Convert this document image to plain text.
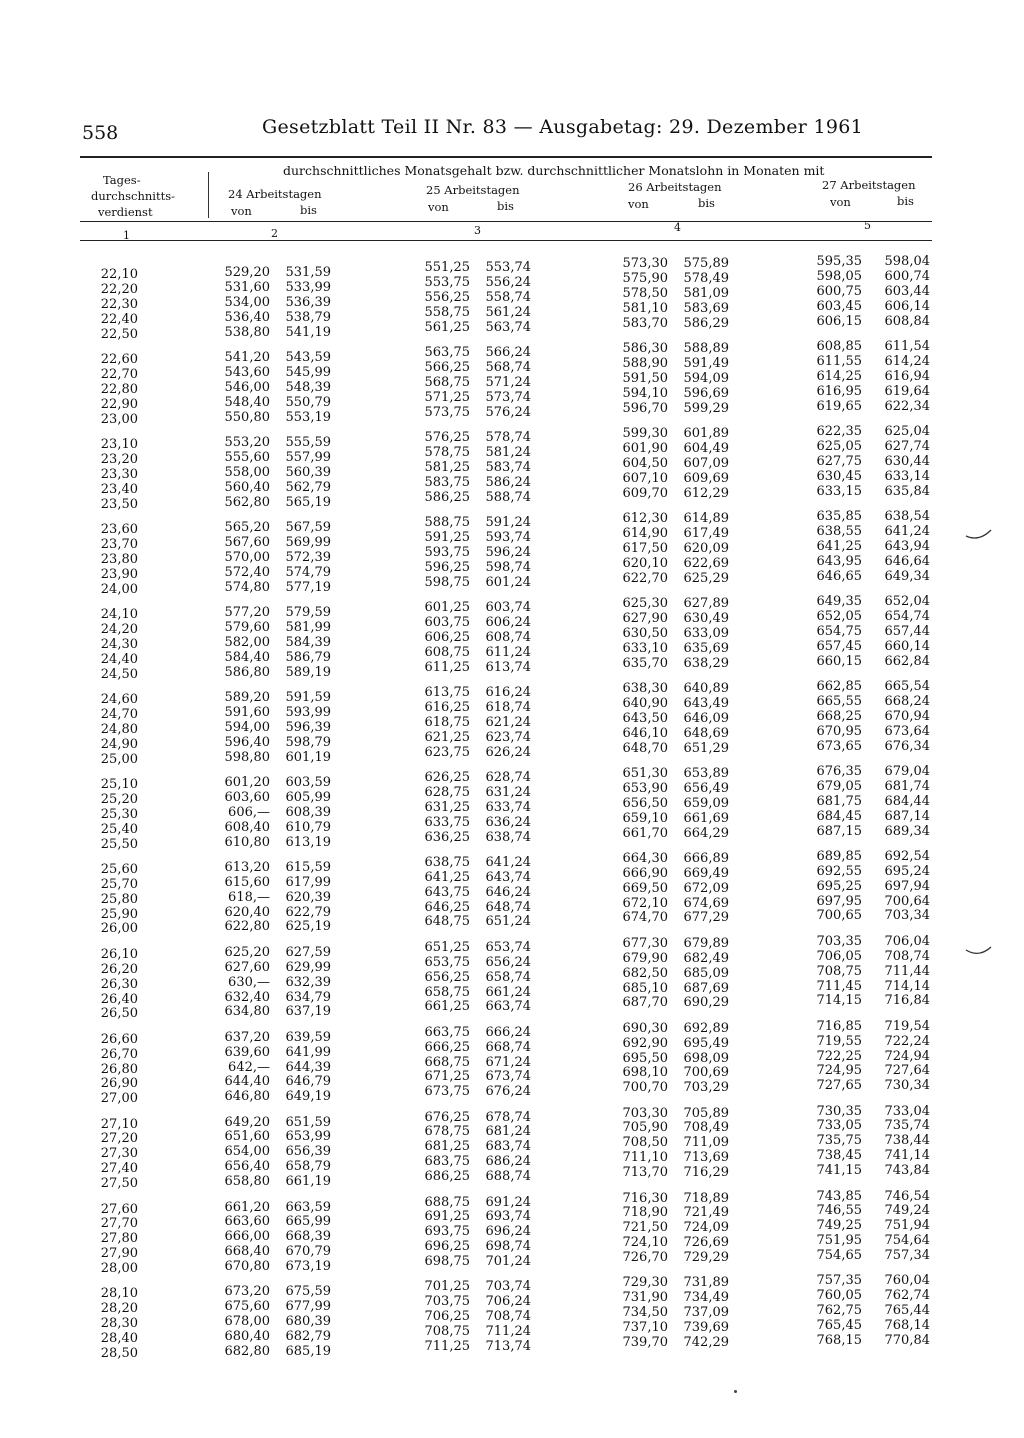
558	Gesetzblatt Teil II Nr. 83 — Ausgabetag: 29. Dezember 1961
Tages-
durchschnitts-
verdienst
durchschnittliches Monatsgehalt bzw. durchschnittlicher Monatslohn in Monaten mit
24 Arbeitstagen
von	bis
25 Arbeitstagen
von	bis
26 Arbeitstagen
von	bis
27 Arbeitstagen
von	bis
1	2	3	4	5
22,10	529,20	531,59	551,25	553,74	573,30	575,89	595,35	598,04
22,20	531,60	533,99	553,75	556,24	575,90	578,49	598,05	600,74
22,30	534,00	536,39	556,25	558,74	578,50	581,09	600,75	603,44
22,40	536,40	538,79	558,75	561,24	581,10	583,69	603,45	606,14
22,50	538,80	541,19	561,25	563,74	583,70	586,29	606,15	608,84
22,60	541,20	543,59	563,75	566,24	586,30	588,89	608,85	611,54
22,70	543,60	545,99	566,25	568,74	588,90	591,49	611,55	614,24
22,80	546,00	548,39	568,75	571,24	591,50	594,09	614,25	616,94
22,90	548,40	550,79	571,25	573,74	594,10	596,69	616,95	619,64
23,00	550,80	553,19	573,75	576,24	596,70	599,29	619,65	622,34
23,10	553,20	555,59	576,25	578,74	599,30	601,89	622,35	625,04
23,20	555,60	557,99	578,75	581,24	601,90	604,49	625,05	627,74
23,30	558,00	560,39	581,25	583,74	604,50	607,09	627,75	630,44
23,40	560,40	562,79	583,75	586,24	607,10	609,69	630,45	633,14
23,50	562,80	565,19	586,25	588,74	609,70	612,29	633,15	635,84
23,60	565,20	567,59	588,75	591,24	612,30	614,89	635,85	638,54
23,70	567,60	569,99	591,25	593,74	614,90	617,49	638,55	641,24
23,80	570,00	572,39	593,75	596,24	617,50	620,09	641,25	643,94
23,90	572,40	574,79	596,25	598,74	620,10	622,69	643,95	646,64
24,00	574,80	577,19	598,75	601,24	622,70	625,29	646,65	649,34
24,10	577,20	579,59	601,25	603,74	625,30	627,89	649,35	652,04
24,20	579,60	581,99	603,75	606,24	627,90	630,49	652,05	654,74
24,30	582,00	584,39	606,25	608,74	630,50	633,09	654,75	657,44
24,40	584,40	586,79	608,75	611,24	633,10	635,69	657,45	660,14
24,50	586,80	589,19	611,25	613,74	635,70	638,29	660,15	662,84
24,60	589,20	591,59	613,75	616,24	638,30	640,89	662,85	665,54
24,70	591,60	593,99	616,25	618,74	640,90	643,49	665,55	668,24
24,80	594,00	596,39	618,75	621,24	643,50	646,09	668,25	670,94
24,90	596,40	598,79	621,25	623,74	646,10	648,69	670,95	673,64
25,00	598,80	601,19	623,75	626,24	648,70	651,29	673,65	676,34
25,10	601,20	603,59	626,25	628,74	651,30	653,89	676,35	679,04
25,20	603,60	605,99	628,75	631,24	653,90	656,49	679,05	681,74
25,30	606,—	608,39	631,25	633,74	656,50	659,09	681,75	684,44
25,40	608,40	610,79	633,75	636,24	659,10	661,69	684,45	687,14
25,50	610,80	613,19	636,25	638,74	661,70	664,29	687,15	689,34
25,60	613,20	615,59	638,75	641,24	664,30	666,89	689,85	692,54
25,70	615,60	617,99	641,25	643,74	666,90	669,49	692,55	695,24
25,80	618,—	620,39	643,75	646,24	669,50	672,09	695,25	697,94
25,90	620,40	622,79	646,25	648,74	672,10	674,69	697,95	700,64
26,00	622,80	625,19	648,75	651,24	674,70	677,29	700,65	703,34
26,10	625,20	627,59	651,25	653,74	677,30	679,89	703,35	706,04
26,20	627,60	629,99	653,75	656,24	679,90	682,49	706,05	708,74
26,30	630,—	632,39	656,25	658,74	682,50	685,09	708,75	711,44
26,40	632,40	634,79	658,75	661,24	685,10	687,69	711,45	714,14
26,50	634,80	637,19	661,25	663,74	687,70	690,29	714,15	716,84
26,60	637,20	639,59	663,75	666,24	690,30	692,89	716,85	719,54
26,70	639,60	641,99	666,25	668,74	692,90	695,49	719,55	722,24
26,80	642,—	644,39	668,75	671,24	695,50	698,09	722,25	724,94
26,90	644,40	646,79	671,25	673,74	698,10	700,69	724,95	727,64
27,00	646,80	649,19	673,75	676,24	700,70	703,29	727,65	730,34
27,10	649,20	651,59	676,25	678,74	703,30	705,89	730,35	733,04
27,20	651,60	653,99	678,75	681,24	705,90	708,49	733,05	735,74
27,30	654,00	656,39	681,25	683,74	708,50	711,09	735,75	738,44
27,40	656,40	658,79	683,75	686,24	711,10	713,69	738,45	741,14
27,50	658,80	661,19	686,25	688,74	713,70	716,29	741,15	743,84
27,60	661,20	663,59	688,75	691,24	716,30	718,89	743,85	746,54
27,70	663,60	665,99	691,25	693,74	718,90	721,49	746,55	749,24
27,80	666,00	668,39	693,75	696,24	721,50	724,09	749,25	751,94
27,90	668,40	670,79	696,25	698,74	724,10	726,69	751,95	754,64
28,00	670,80	673,19	698,75	701,24	726,70	729,29	754,65	757,34
28,10	673,20	675,59	701,25	703,74	729,30	731,89	757,35	760,04
28,20	675,60	677,99	703,75	706,24	731,90	734,49	760,05	762,74
28,30	678,00	680,39	706,25	708,74	734,50	737,09	762,75	765,44
28,40	680,40	682,79	708,75	711,24	737,10	739,69	765,45	768,14
28,50	682,80	685,19	711,25	713,74	739,70	742,29	768,15	770,84
